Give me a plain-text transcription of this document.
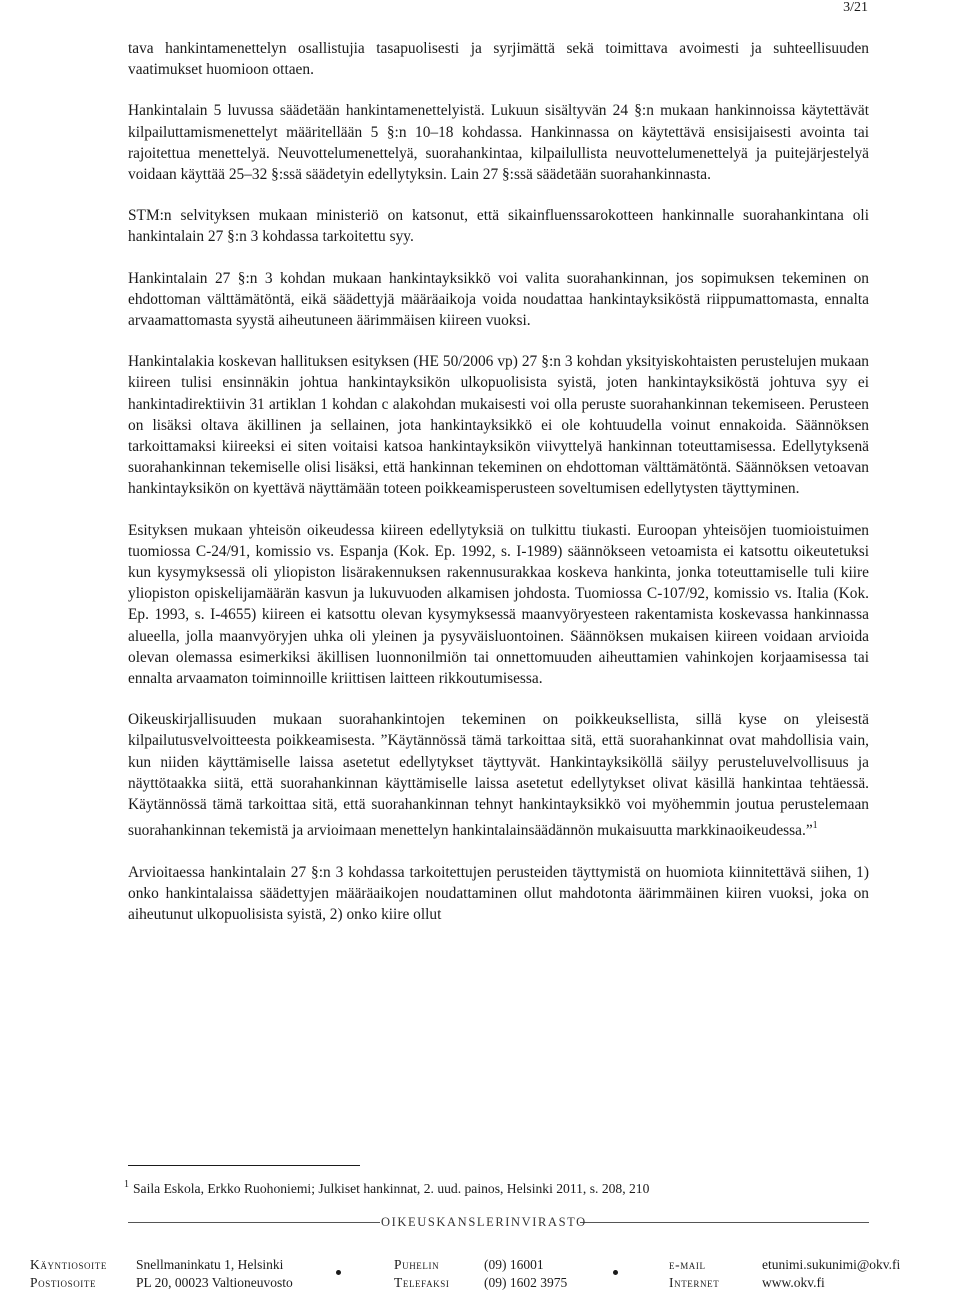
3/21

tava hankintamenettelyn osallistujia tasapuolisesti ja syrjimättä sekä toimittava avoimesti ja suhteellisuuden vaatimukset huomioon ottaen.

Hankintalain 5 luvussa säädetään hankintamenettelyistä. Lukuun sisältyvän 24 §:n mukaan hankinnoissa käytettävät kilpailuttamismenettelyt määritellään 5 §:n 10–18 kohdassa. Hankinnassa on käytettävä ensisijaisesti avointa tai rajoitettua menettelyä. Neuvottelumenettelyä, suorahankintaa, kilpailullista neuvottelumenettelyä ja puitejärjestelyä voidaan käyttää 25–32 §:ssä säädetyin edellytyksin. Lain 27 §:ssä säädetään suorahankinnasta.

STM:n selvityksen mukaan ministeriö on katsonut, että sikainfluenssarokotteen hankinnalle suorahankintana oli hankintalain 27 §:n 3 kohdassa tarkoitettu syy.

Hankintalain 27 §:n 3 kohdan mukaan hankintayksikkö voi valita suorahankinnan, jos sopimuksen tekeminen on ehdottoman välttämätöntä, eikä säädettyjä määräaikoja voida noudattaa hankintayksiköstä riippumattomasta, ennalta arvaamattomasta syystä aiheutuneen äärimmäisen kiireen vuoksi.

Hankintalakia koskevan hallituksen esityksen (HE 50/2006 vp) 27 §:n 3 kohdan yksityiskohtaisten perustelujen mukaan kiireen tulisi ensinnäkin johtua hankintayksikön ulkopuolisista syistä, joten hankintayksiköstä johtuva syy ei hankintadirektiivin 31 artiklan 1 kohdan c alakohdan mukaisesti voi olla peruste suorahankinnan tekemiseen. Perusteen on lisäksi oltava äkillinen ja sellainen, jota hankintayksikkö ei ole kohtuudella voinut ennakoida. Säännöksen tarkoittamaksi kiireeksi ei siten voitaisi katsoa hankintayksikön viivyttelyä hankinnan toteuttamisessa. Edellytyksenä suorahankinnan tekemiselle olisi lisäksi, että hankinnan tekeminen on ehdottoman välttämätöntä. Säännöksen vetoavan hankintayksikön on kyettävä näyttämään toteen poikkeamisperusteen soveltumisen edellytysten täyttyminen.

Esityksen mukaan yhteisön oikeudessa kiireen edellytyksiä on tulkittu tiukasti. Euroopan yhteisöjen tuomioistuimen tuomiossa C-24/91, komissio vs. Espanja (Kok. Ep. 1992, s. I-1989) säännökseen vetoamista ei katsottu oikeutetuksi kun kysymyksessä oli yliopiston lisärakennuksen rakennusurakkaa koskeva hankinta, jonka toteuttamiselle tuli kiire yliopiston opiskelijamäärän kasvun ja lukuvuoden alkamisen johdosta. Tuomiossa C-107/92, komissio vs. Italia (Kok. Ep. 1993, s. I-4655) kiireen ei katsottu olevan kysymyksessä maanvyöryesteen rakentamista koskevassa hankinnassa alueella, jolla maanvyöryjen uhka oli yleinen ja pysyväisluontoinen. Säännöksen mukaisen kiireen voidaan arvioida olevan olemassa esimerkiksi äkillisen luonnonilmiön tai onnettomuuden aiheuttamien vahinkojen korjaamisessa tai ennalta arvaamaton toiminnoille kriittisen laitteen rikkoutumisessa.

Oikeuskirjallisuuden mukaan suorahankintojen tekeminen on poikkeuksellista, sillä kyse on yleisestä kilpailutusvelvoitteesta poikkeamisesta. ”Käytännössä tämä tarkoittaa sitä, että suorahankinnat ovat mahdollisia vain, kun niiden käyttämiselle laissa asetetut edellytykset täyttyvät. Hankintayksiköllä säilyy perusteluvelvollisuus ja näyttötaakka siitä, että suorahankinnan käyttämiselle laissa asetetut edellytykset olivat käsillä hankintaa tehtäessä. Käytännössä tämä tarkoittaa sitä, että suorahankinnan tehnyt hankintayksikkö voi myöhemmin joutua perustelemaan suorahankinnan tekemistä ja arvioimaan menettelyn hankintalainsäädännön mukaisuutta markkinaoikeudessa.”$^1$

Arvioitaessa hankintalain 27 §:n 3 kohdassa tarkoitettujen perusteiden täyttymistä on huomiota kiinnitettävä siihen, 1) onko hankintalaissa säädettyjen määräaikojen noudattaminen ollut mahdotonta äärimmäinen kiiren vuoksi, joka on aiheutunut ulkopuolisista syistä, 2) onko kiire ollut

$^1$ Saila Eskola, Erkko Ruohoniemi; Julkiset hankinnat, 2. uud. painos, Helsinki 2011, s. 208, 210
OIKEUSKANSLERINVIRASTO
Käyntiosoite Snellmaninkatu 1, Helsinki
Postiosoite	PL 20, 00023 Valtioneuvosto
Puhelin	(09) 16001
Telefaksi	(09) 1602 3975
e-mail	etunimi.sukunimi@okv.fi
Internet	www.okv.fi
